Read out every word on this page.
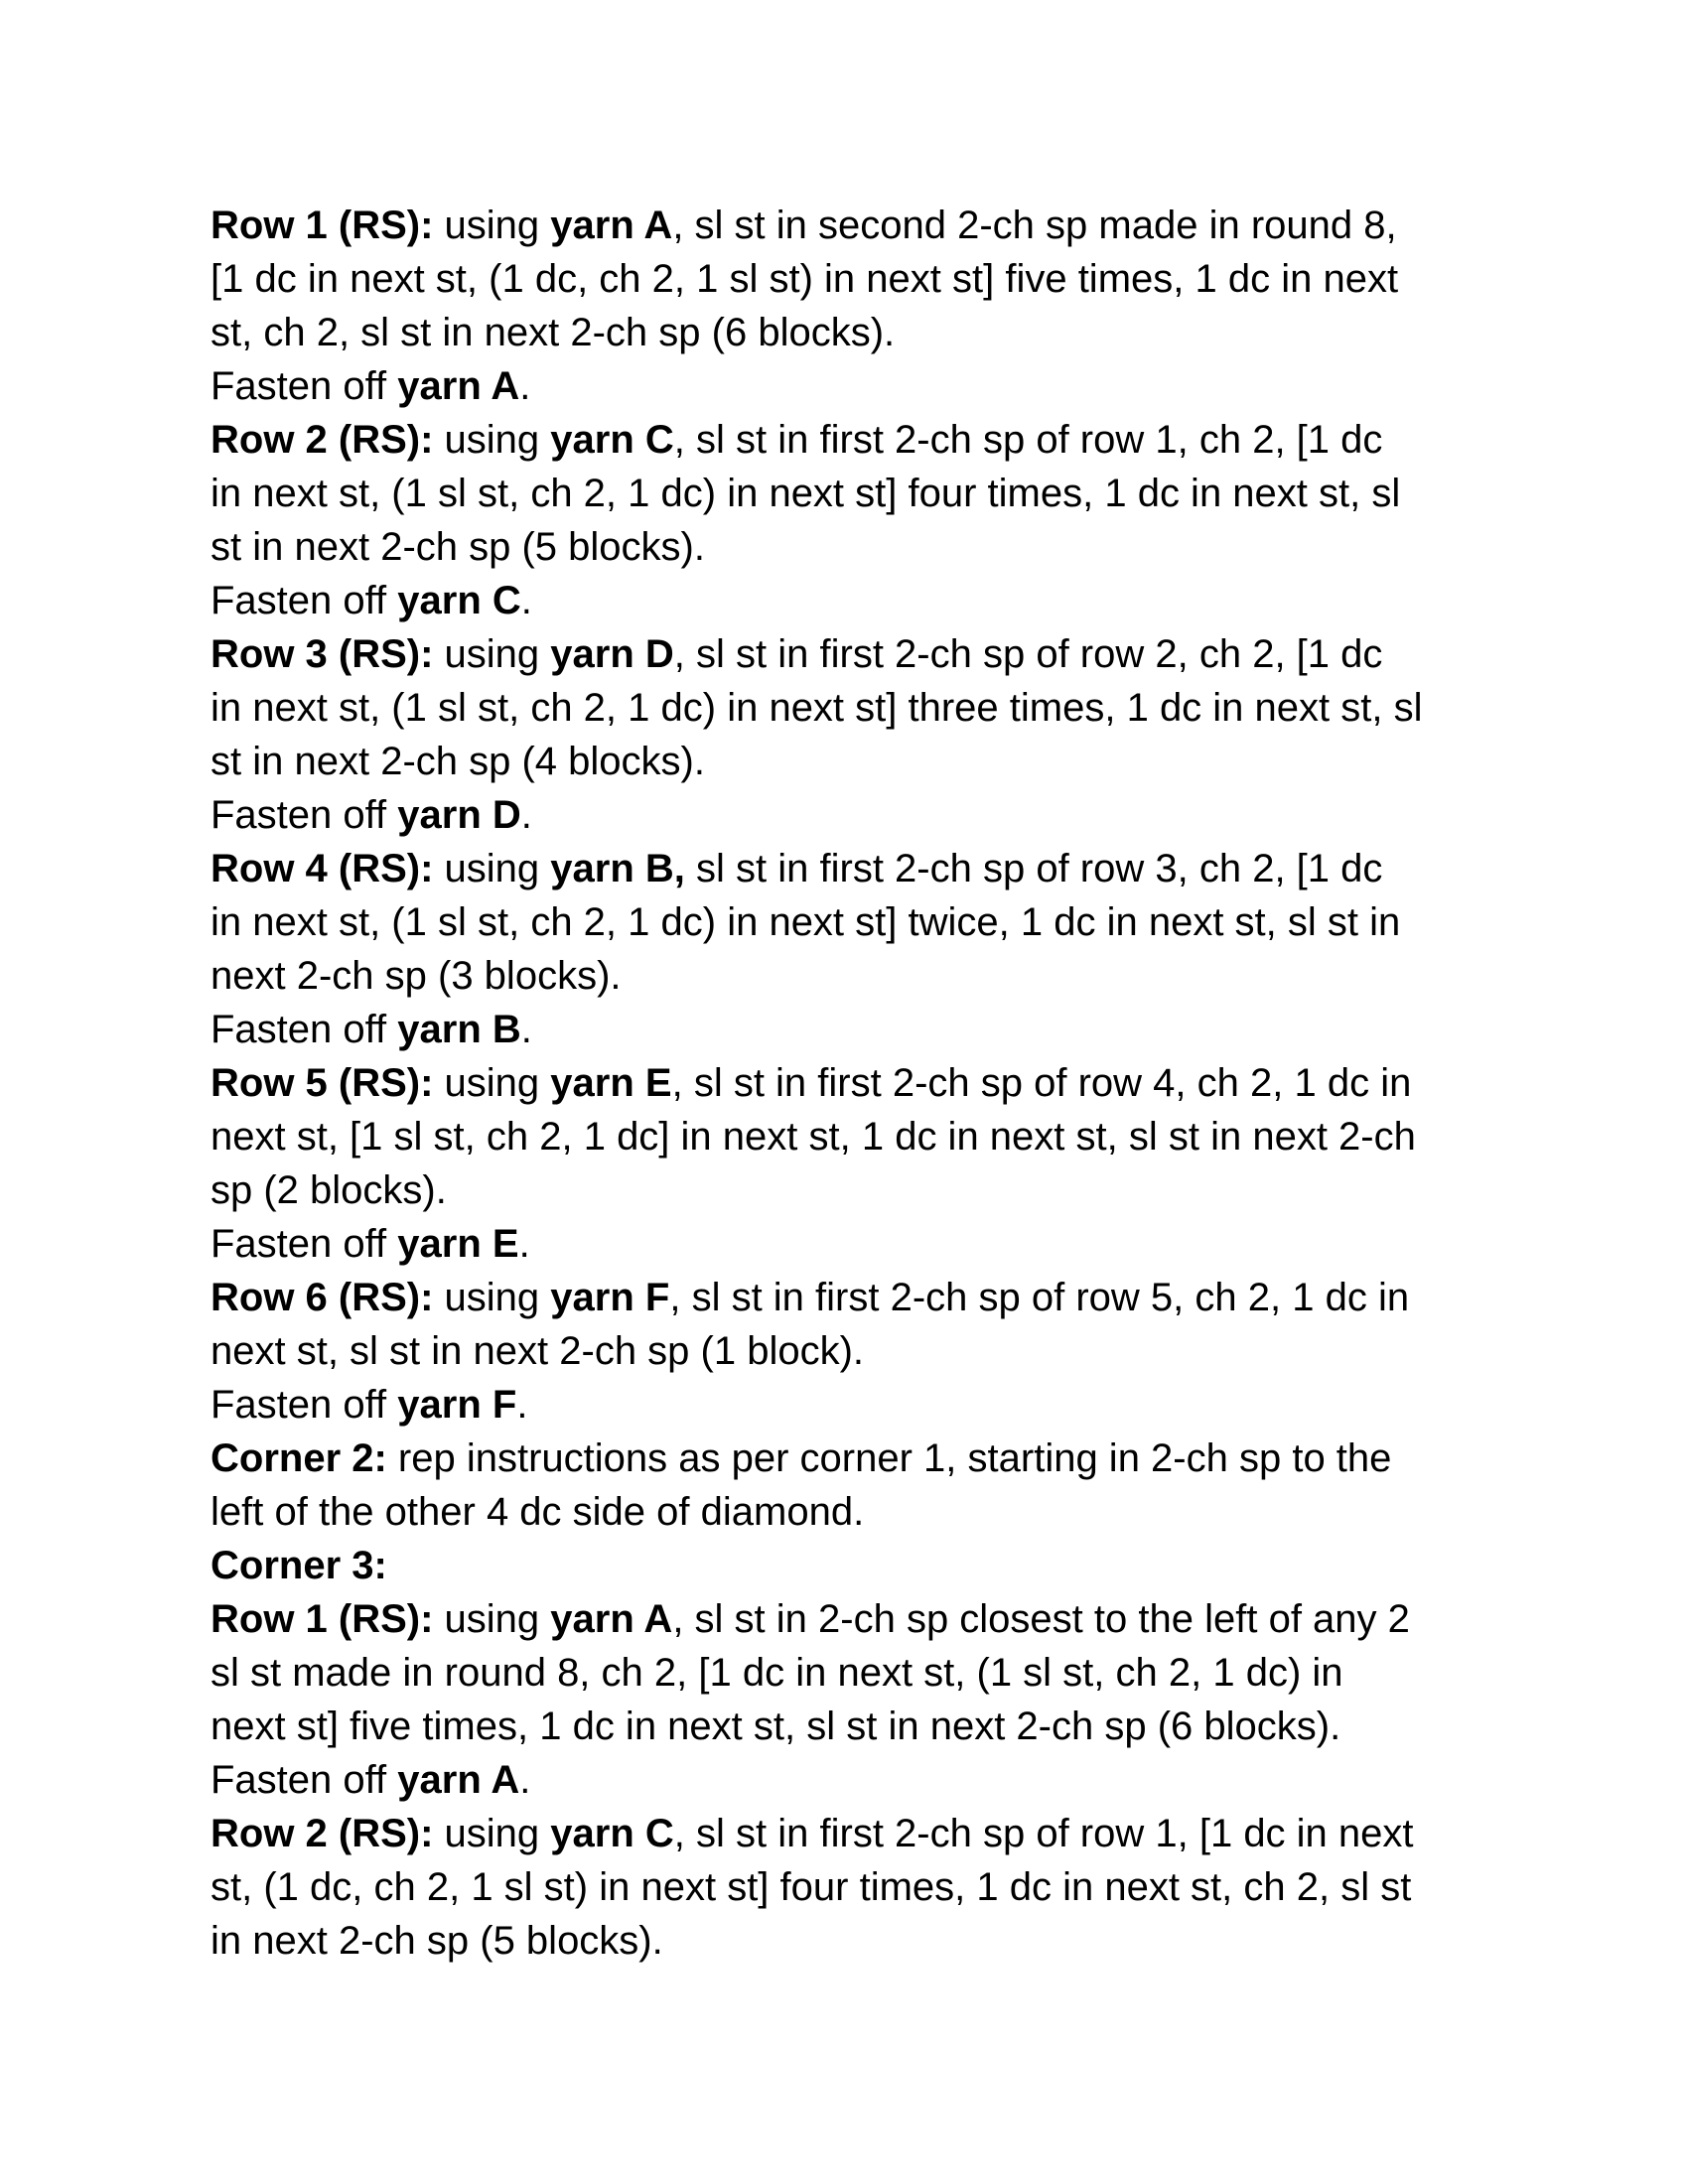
Row 1 (RS): using yarn A, sl st in second 2-ch sp made in round 8,
[1 dc in next st, (1 dc, ch 2, 1 sl st) in next st] five times, 1 dc in next
st, ch 2, sl st in next 2-ch sp (6 blocks).
Fasten off yarn A.
Row 2 (RS): using yarn C, sl st in first 2-ch sp of row 1, ch 2, [1 dc
in next st, (1 sl st, ch 2, 1 dc) in next st] four times, 1 dc in next st, sl
st in next 2-ch sp (5 blocks).
Fasten off yarn C.
Row 3 (RS): using yarn D, sl st in first 2-ch sp of row 2, ch 2, [1 dc
in next st, (1 sl st, ch 2, 1 dc) in next st] three times, 1 dc in next st, sl
st in next 2-ch sp (4 blocks).
Fasten off yarn D.
Row 4 (RS): using yarn B, sl st in first 2-ch sp of row 3, ch 2, [1 dc
in next st, (1 sl st, ch 2, 1 dc) in next st] twice, 1 dc in next st, sl st in
next 2-ch sp (3 blocks).
Fasten off yarn B.
Row 5 (RS): using yarn E, sl st in first 2-ch sp of row 4, ch 2, 1 dc in
next st, [1 sl st, ch 2, 1 dc] in next st, 1 dc in next st, sl st in next 2-ch
sp (2 blocks).
Fasten off yarn E.
Row 6 (RS): using yarn F, sl st in first 2-ch sp of row 5, ch 2, 1 dc in
next st, sl st in next 2-ch sp (1 block).
Fasten off yarn F.
Corner 2: rep instructions as per corner 1, starting in 2-ch sp to the
left of the other 4 dc side of diamond.
Corner 3:
Row 1 (RS): using yarn A, sl st in 2-ch sp closest to the left of any 2
sl st made in round 8, ch 2, [1 dc in next st, (1 sl st, ch 2, 1 dc) in
next st] five times, 1 dc in next st, sl st in next 2-ch sp (6 blocks).
Fasten off yarn A.
Row 2 (RS): using yarn C, sl st in first 2-ch sp of row 1, [1 dc in next
st, (1 dc, ch 2, 1 sl st) in next st] four times, 1 dc in next st, ch 2, sl st
in next 2-ch sp (5 blocks).
